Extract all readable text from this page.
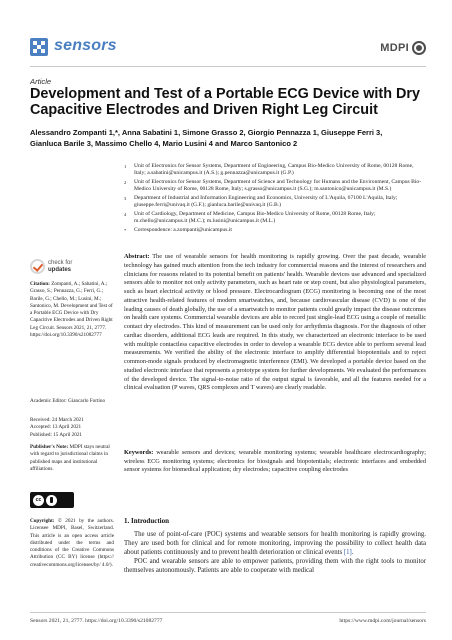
sensors	MDPI
Article
Development and Test of a Portable ECG Device with Dry Capacitive Electrodes and Driven Right Leg Circuit
Alessandro Zompanti 1,*, Anna Sabatini 1, Simone Grasso 2, Giorgio Pennazza 1, Giuseppe Ferri 3,
Gianluca Barile 3, Massimo Chello 4, Mario Lusini 4 and Marco Santonico 2
1	Unit of Electronics for Sensor Systems, Department of Engineering, Campus Bio-Medico University of Rome, 00128 Rome, Italy; a.sabatini@unicampus.it (A.S.); g.pennazza@unicampus.it (G.P.)
2	Unit of Electronics for Sensor Systems, Department of Science and Technology for Humans and the Environment, Campus Bio-Medico University of Rome, 00128 Rome, Italy; s.grasso@unicampus.it (S.G.); m.santonico@unicampus.it (M.S.)
3	Department of Industrial and Information Engineering and Economics, University of L'Aquila, 67100 L'Aquila, Italy; giuseppe.ferri@univaq.it (G.F.); gianluca.barile@univaq.it (G.B.)
4	Unit of Cardiology, Department of Medicine, Campus Bio-Medico University of Rome, 00128 Rome, Italy; m.chello@unicampus.it (M.C.); m.lusini@unicampus.it (M.L.)
*	Correspondence: a.zompanti@unicampus.it
check for
updates
Citation: Zompanti, A.; Sabatini, A.; Grasso, S.; Pennazza, G.; Ferri, G.; Barile, G.; Chello, M.; Lusini, M.; Santonico, M. Development and Test of a Portable ECG Device with Dry Capacitive Electrodes and Driven Right Leg Circuit. Sensors 2021, 21, 2777. https://doi.org/10.3390/s21082777
Academic Editor: Giancarlo Fortino
Received: 24 March 2021
Accepted: 13 April 2021
Published: 15 April 2021
Publisher's Note: MDPI stays neutral with regard to jurisdictional claims in published maps and institutional affiliations.
cc
Copyright: © 2021 by the authors. Licensee MDPI, Basel, Switzerland. This article is an open access article distributed under the terms and conditions of the Creative Commons Attribution (CC BY) license (https:// creativecommons.org/licenses/by/ 4.0/).
Abstract: The use of wearable sensors for health monitoring is rapidly growing. Over the past decade, wearable technology has gained much attention from the tech industry for commercial reasons and the interest of researchers and clinicians for reasons related to its potential benefit on patients' health. Wearable devices use advanced and specialized sensors able to monitor not only activity parameters, such as heart rate or step count, but also physiological parameters, such as heart electrical activity or blood pressure. Electrocardiogram (ECG) monitoring is becoming one of the most attractive health-related features of modern smartwatches, and, because cardiovascular disease (CVD) is one of the leading causes of death globally, the use of a smartwatch to monitor patients could greatly impact the disease outcomes on health care systems. Commercial wearable devices are able to record just single-lead ECG using a couple of metallic contact dry electrodes. This kind of measurement can be used only for arrhythmia diagnosis. For the diagnosis of other cardiac disorders, additional ECG leads are required. In this study, we characterized an electronic interface to be used with multiple contactless capacitive electrodes in order to develop a wearable ECG device able to perform several lead measurements. We verified the ability of the electronic interface to amplify differential biopotentials and to reject common-mode signals produced by electromagnetic interference (EMI). We developed a portable device based on the studied electronic interface that represents a prototype system for further developments. We evaluated the performances of the developed device. The signal-to-noise ratio of the output signal is favorable, and all the features needed for a clinical evaluation (P waves, QRS complexes and T waves) are clearly readable.
Keywords: wearable sensors and devices; wearable monitoring systems; wearable healthcare electrocardiography; wireless ECG monitoring systems; electronics for biosignals and biopotentials; electronic interfaces and embedded sensor systems for biomedical application; dry electrodes; capacitive coupling electrodes
1. Introduction

The use of point-of-care (POC) systems and wearable sensors for health monitoring is rapidly growing. They are used both for clinical and for remote monitoring, improving the possibility to collect health data about patients continuously and to prevent health deterioration or clinical events [1].

POC and wearable sensors are able to empower patients, providing them with the right tools to monitor themselves autonomously. Patients are able to cooperate with medical

Sensors 2021, 21, 2777. https://doi.org/10.3390/s21082777	https://www.mdpi.com/journal/sensors
